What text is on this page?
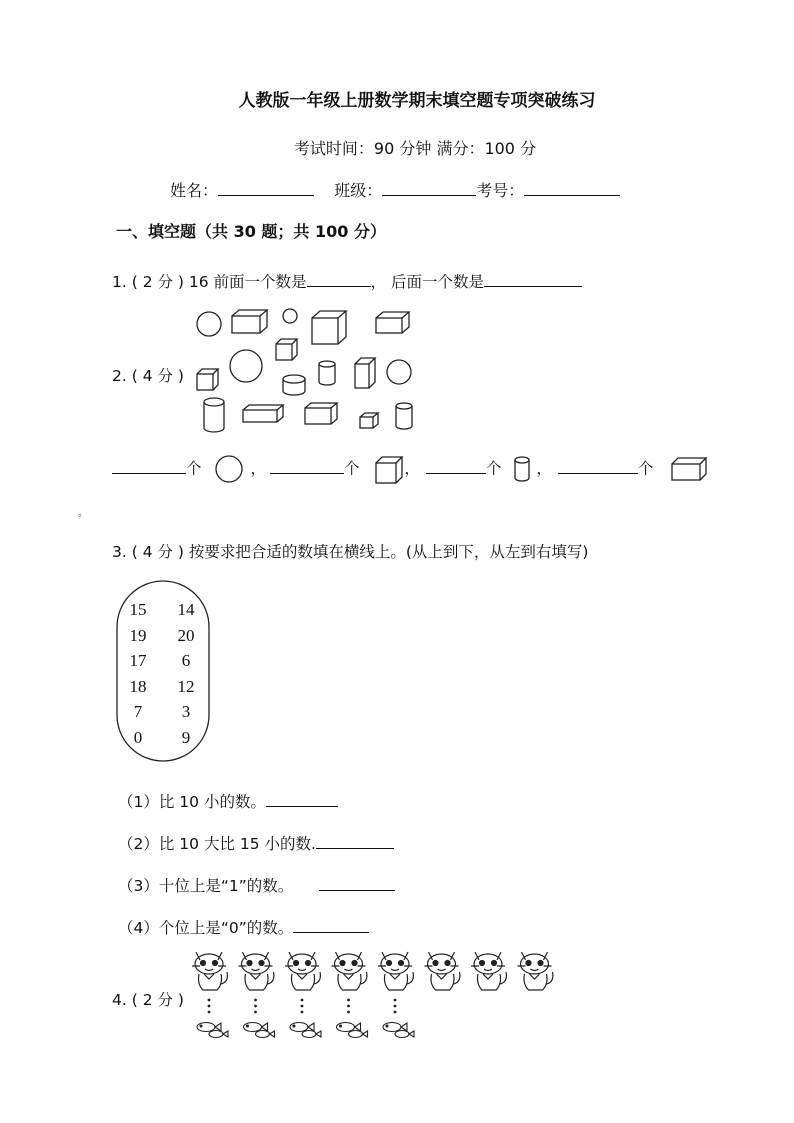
人教版一年级上册数学期末填空题专项突破练习
考试时间：90 分钟 满分：100 分
姓名：	班级：	考号：
一、填空题（共 30 题；共 100 分）
1. ( 2 分 ) 16 前面一个数是	， 后面一个数是
2. ( 4 分 )
个	，	个	，	个 ，	个
。
3. ( 4 分 ) 按要求把合适的数填在横线上。(从上到下，从左到右填写)
15	14
19	20
17	6
18	12
7	3
0	9
（1）比 10 小的数。
（2）比 10 大比 15 小的数.
（3）十位上是“1”的数。
（4）个位上是“0”的数。
4. ( 2 分 )
